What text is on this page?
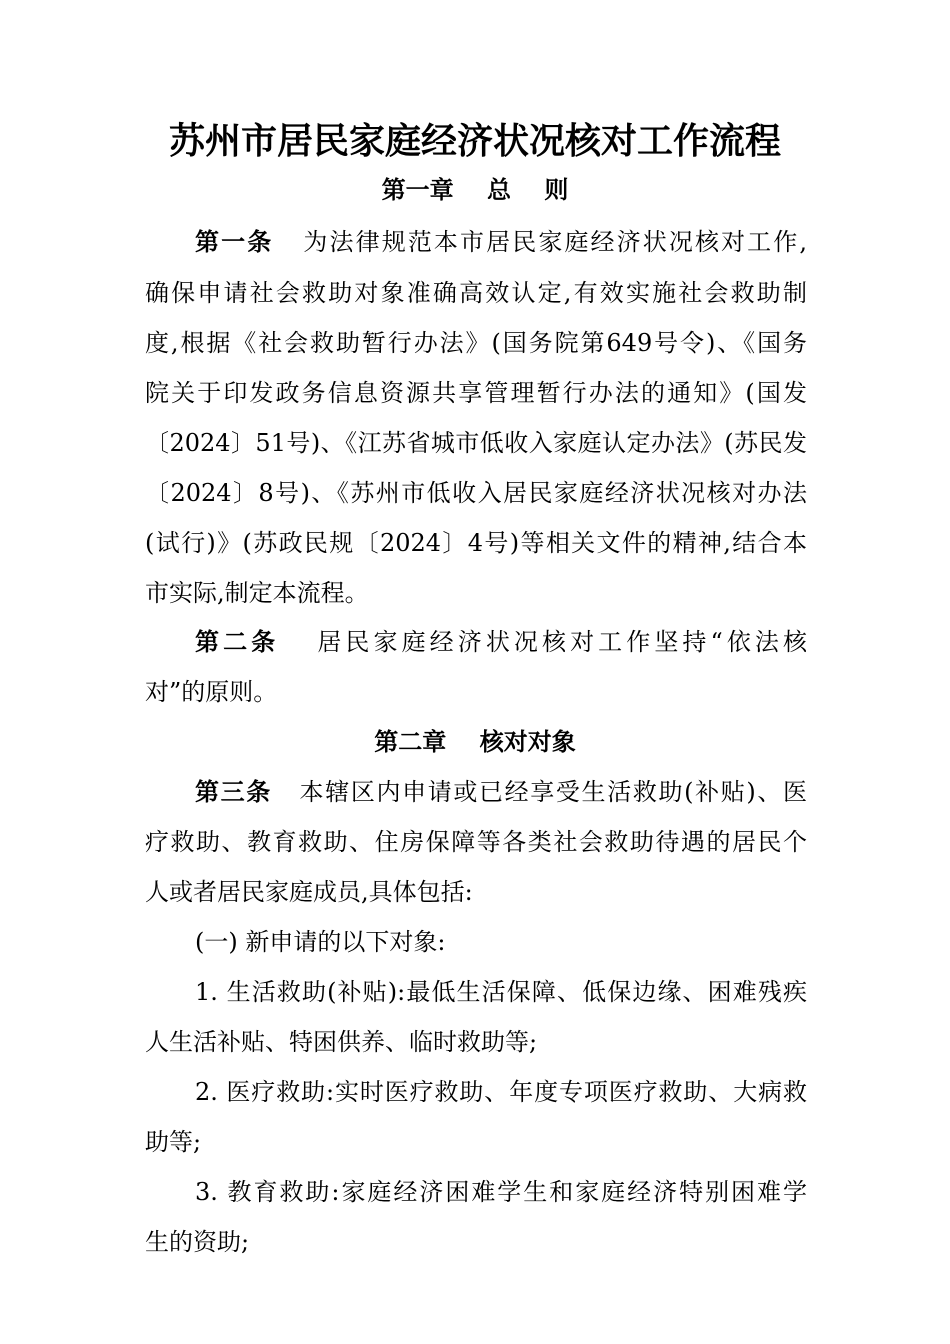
苏州市居民家庭经济状况核对工作流程
第一章    总    则
第一条 为法律规范本市居民家庭经济状况核对工作,
确保申请社会救助对象准确高效认定,有效实施社会救助制
度,根据《社会救助暂行办法》(国务院第649号令)、《国务
院关于印发政务信息资源共享管理暂行办法的通知》(国发
〔2024〕51号)、《江苏省城市低收入家庭认定办法》(苏民发
〔2024〕8号)、《苏州市低收入居民家庭经济状况核对办法
(试行)》(苏政民规〔2024〕4号)等相关文件的精神,结合本
市实际,制定本流程。
第二条 居民家庭经济状况核对工作坚持“依法核
对”的原则。
第二章    核对对象
第三条 本辖区内申请或已经享受生活救助(补贴)、医
疗救助、教育救助、住房保障等各类社会救助待遇的居民个
人或者居民家庭成员,具体包括:
(一) 新申请的以下对象:
1. 生活救助(补贴):最低生活保障、低保边缘、困难残疾
人生活补贴、特困供养、临时救助等;
2. 医疗救助:实时医疗救助、年度专项医疗救助、大病救
助等;
3. 教育救助:家庭经济困难学生和家庭经济特别困难学
生的资助;
